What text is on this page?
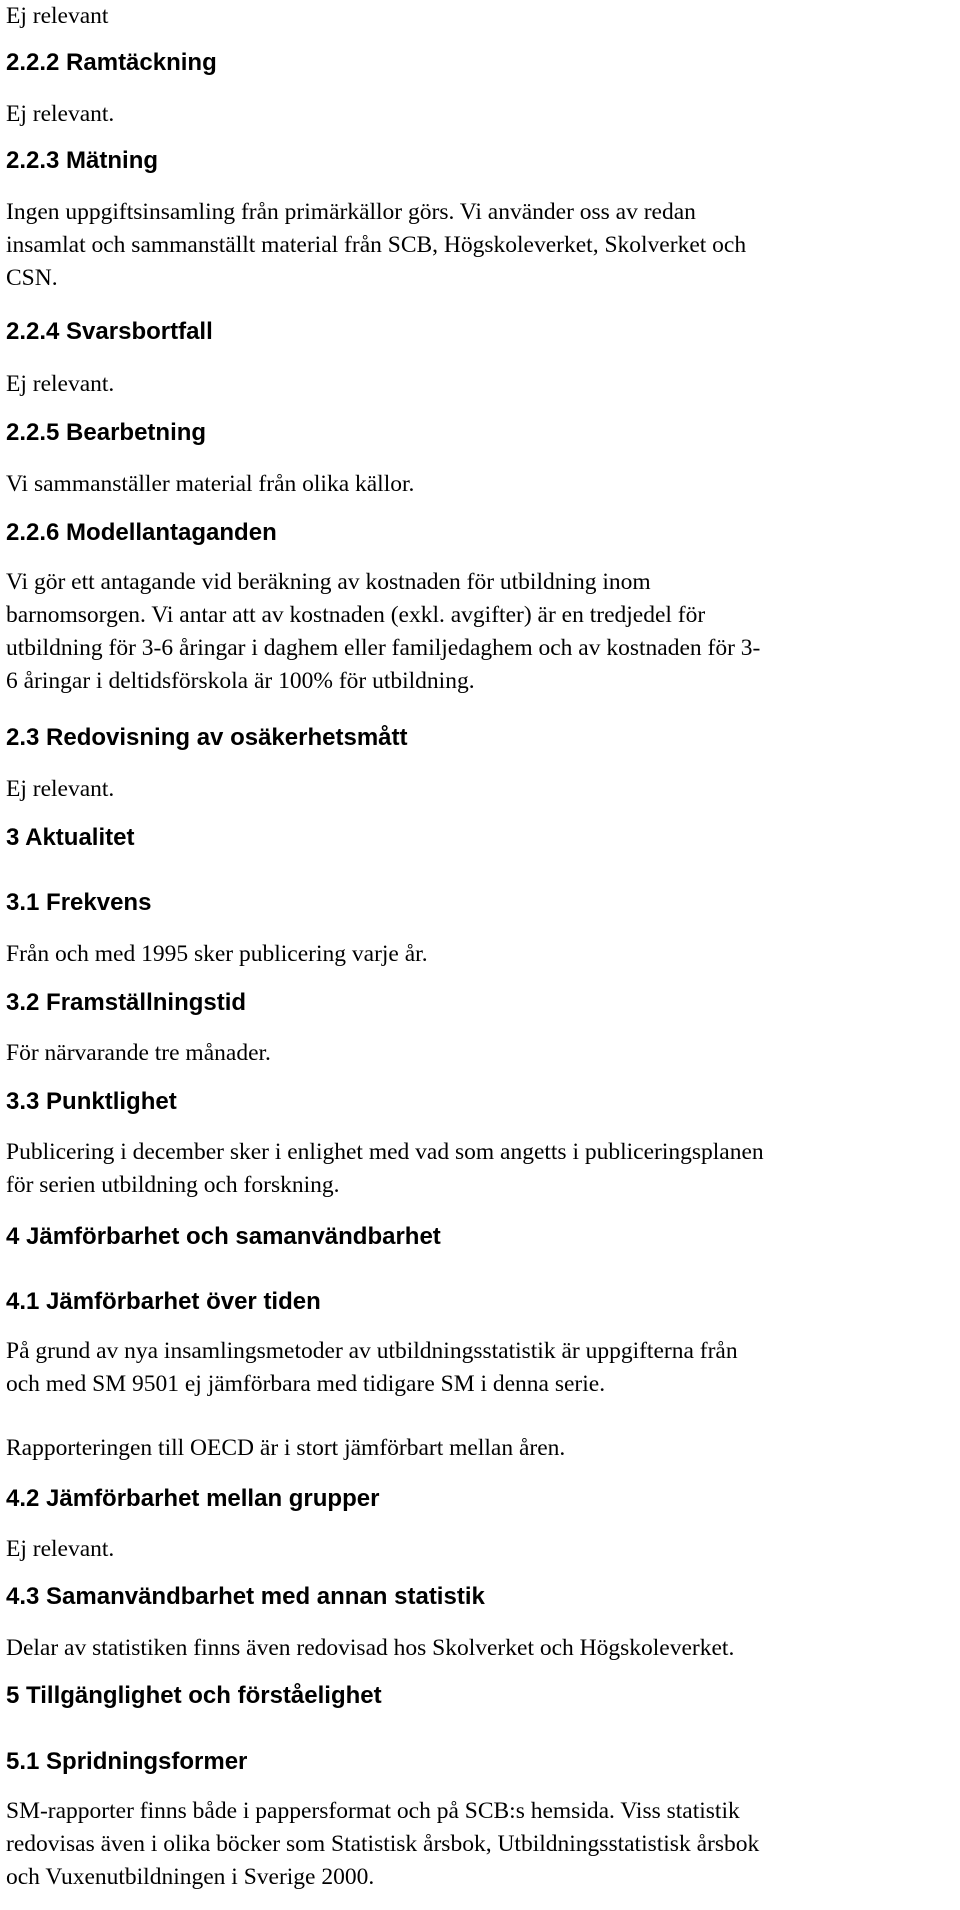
Ej relevant

2.2.2 Ramtäckning

Ej relevant.

2.2.3 Mätning

Ingen uppgiftsinsamling från primärkällor görs. Vi använder oss av redan
insamlat och sammanställt material från SCB, Högskoleverket, Skolverket och
CSN.

2.2.4 Svarsbortfall

Ej relevant.

2.2.5 Bearbetning

Vi sammanställer material från olika källor.

2.2.6 Modellantaganden

Vi gör ett antagande vid beräkning av kostnaden för utbildning inom
barnomsorgen. Vi antar att av kostnaden (exkl. avgifter) är en tredjedel för
utbildning för 3-6 åringar i daghem eller familjedaghem och av kostnaden för 3-
6 åringar i deltidsförskola är 100% för utbildning.

2.3 Redovisning av osäkerhetsmått

Ej relevant.

3 Aktualitet
3.1 Frekvens

Från och med 1995 sker publicering varje år.

3.2 Framställningstid

För närvarande tre månader.

3.3 Punktlighet

Publicering i december sker i enlighet med vad som angetts i publiceringsplanen
för serien utbildning och forskning.

4 Jämförbarhet och samanvändbarhet
4.1 Jämförbarhet över tiden

På grund av nya insamlingsmetoder av utbildningsstatistik är uppgifterna från
och med SM 9501 ej jämförbara med tidigare SM i denna serie.

Rapporteringen till OECD är i stort jämförbart mellan åren.

4.2 Jämförbarhet mellan grupper

Ej relevant.

4.3 Samanvändbarhet med annan statistik

Delar av statistiken finns även redovisad hos Skolverket och Högskoleverket.

5 Tillgänglighet och förståelighet
5.1 Spridningsformer

SM-rapporter finns både i pappersformat och på SCB:s hemsida. Viss statistik
redovisas även i olika böcker som Statistisk årsbok, Utbildningsstatistisk årsbok
och Vuxenutbildningen i Sverige 2000.
